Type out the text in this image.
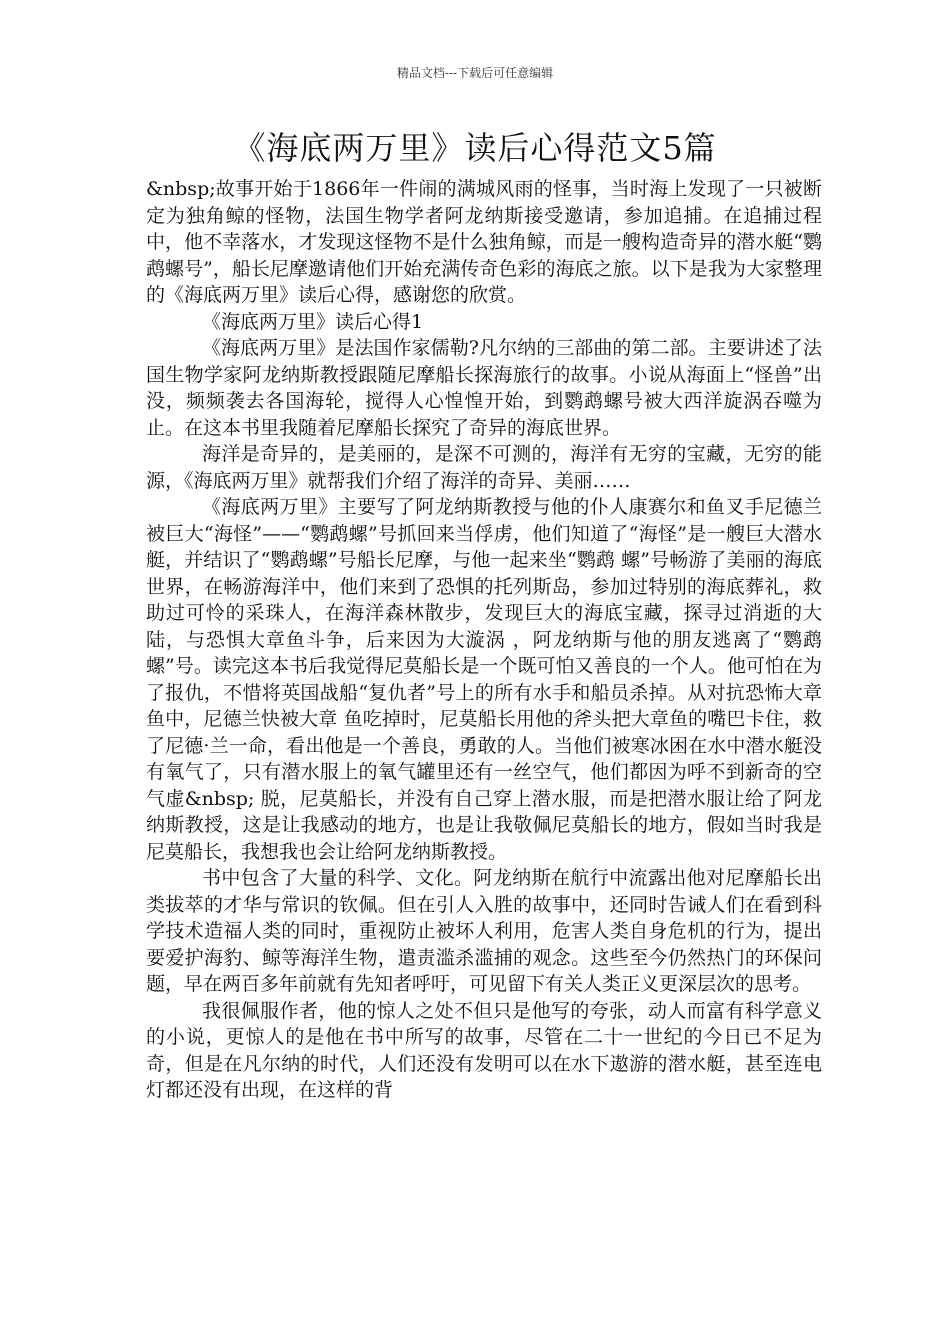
精品文档---下载后可任意编辑
《海底两万里》读后心得范文5篇

&nbsp;故事开始于1866年一件闹的满城风雨的怪事，当时海上发现了一只被断定为独角鲸的怪物，法国生物学者阿龙纳斯接受邀请，参加追捕。在追捕过程中，他不幸落水，才发现这怪物不是什么独角鲸，而是一艘构造奇异的潜水艇“鹦鹉螺号”，船长尼摩邀请他们开始充满传奇色彩的海底之旅。以下是我为大家整理的《海底两万里》读后心得，感谢您的欣赏。

《海底两万里》读后心得1

《海底两万里》是法国作家儒勒?凡尔纳的三部曲的第二部。主要讲述了法国生物学家阿龙纳斯教授跟随尼摩船长探海旅行的故事。小说从海面上“怪兽”出没，频频袭去各国海轮，搅得人心惶惶开始，到鹦鹉螺号被大西洋旋涡吞噬为止。在这本书里我随着尼摩船长探究了奇异的海底世界。

海洋是奇异的，是美丽的，是深不可测的，海洋有无穷的宝藏，无穷的能源，《海底两万里》就帮我们介绍了海洋的奇异、美丽……

《海底两万里》主要写了阿龙纳斯教授与他的仆人康赛尔和鱼叉手尼德兰被巨大“海怪”——“鹦鹉螺”号抓回来当俘虏，他们知道了“海怪”是一艘巨大潜水艇，并结识了“鹦鹉螺”号船长尼摩，与他一起来坐“鹦鹉 螺”号畅游了美丽的海底世界，在畅游海洋中，他们来到了恐惧的托列斯岛，参加过特别的海底葬礼，救助过可怜的采珠人，在海洋森林散步，发现巨大的海底宝藏，探寻过消逝的大陆，与恐惧大章鱼斗争，后来因为大漩涡 ，阿龙纳斯与他的朋友逃离了“鹦鹉螺”号。读完这本书后我觉得尼莫船长是一个既可怕又善良的一个人。他可怕在为了报仇，不惜将英国战船“复仇者”号上的所有水手和船员杀掉。从对抗恐怖大章鱼中，尼德兰快被大章 鱼吃掉时，尼莫船长用他的斧头把大章鱼的嘴巴卡住，救了尼德·兰一命，看出他是一个善良，勇敢的人。当他们被寒冰困在水中潜水艇没有氧气了，只有潜水服上的氧气罐里还有一丝空气，他们都因为呼不到新奇的空气虚&nbsp; 脱，尼莫船长，并没有自己穿上潜水服，而是把潜水服让给了阿龙纳斯教授，这是让我感动的地方，也是让我敬佩尼莫船长的地方，假如当时我是尼莫船长，我想我也会让给阿龙纳斯教授。

书中包含了大量的科学、文化。阿龙纳斯在航行中流露出他对尼摩船长出类拔萃的才华与常识的钦佩。但在引人入胜的故事中，还同时告诫人们在看到科学技术造福人类的同时，重视防止被坏人利用，危害人类自身危机的行为，提出要爱护海豹、鲸等海洋生物，遣责滥杀滥捕的观念。这些至今仍然热门的环保问题，早在两百多年前就有先知者呼吁，可见留下有关人类正义更深层次的思考。

我很佩服作者，他的惊人之处不但只是他写的夸张，动人而富有科学意义的小说，更惊人的是他在书中所写的故事，尽管在二十一世纪的今日已不足为奇，但是在凡尔纳的时代，人们还没有发明可以在水下遨游的潜水艇，甚至连电灯都还没有出现，在这样的背
